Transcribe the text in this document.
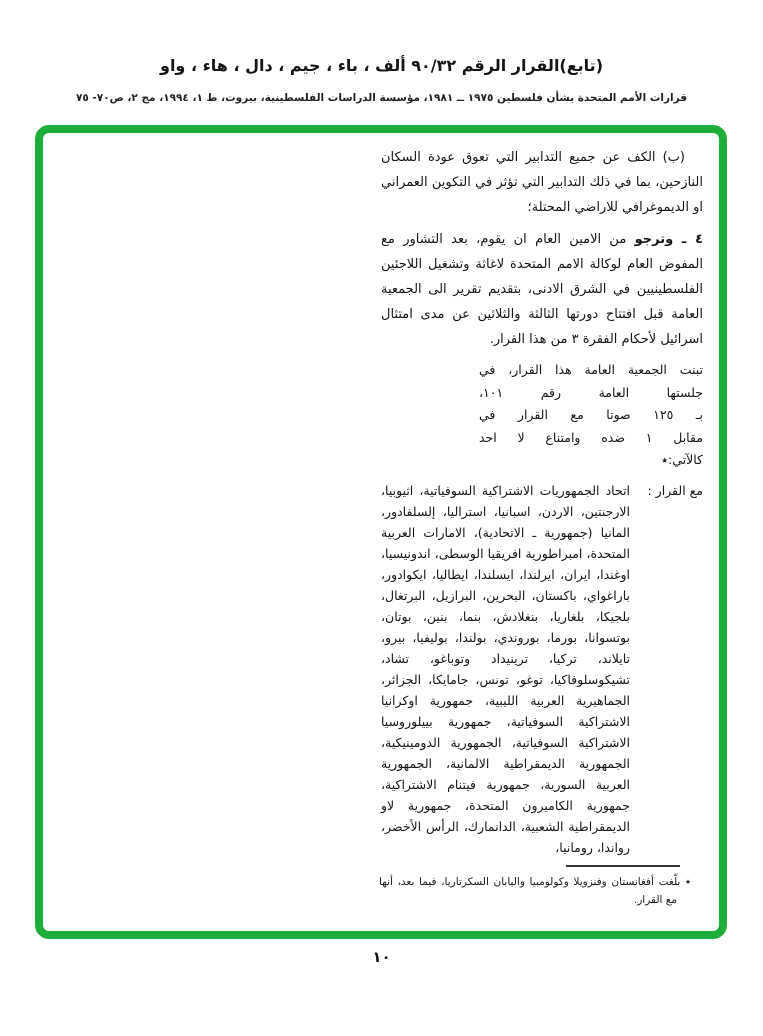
(تابع)القرار الرقم ٩٠/٣٢ ألف ، باء ، جيم ، دال ، هاء ، واو
قرارات الأمم المتحدة بشأن فلسطين ١٩٧٥ ــ ١٩٨١، مؤسسة الدراسات الفلسطينية، بيروت، ط ١، ١٩٩٤، مج ٢، ص٧٠- ٧٥

(ب) الكف عن جميع التدابير التي تعوق عودة السكان النازحين، بما في ذلك التدابير التي تؤثر في التكوين العمراني او الديموغرافي للاراضي المحتلة؛

٤ ـ وترجو من الامين العام ان يقوم، بعد التشاور مع المفوض العام لوكالة الامم المتحدة لاغاثة وتشغيل اللاجئين الفلسطينيين في الشرق الادنى، بتقديم تقرير الى الجمعية العامة قبل افتتاح دورتها الثالثة والثلاثين عن مدى امتثال اسرائيل لأحكام الفقرة ٣ من هذا القرار.

تبنت الجمعية العامة هذا القرار، في
جلستها العامة رقم ١٠١،
بـ ١٢٥ صوتا مع القرار في
مقابل ١ ضده وامتناع لا احد
كالآتي:٭
مع القرار :
اتحاد الجمهوريات الاشتراكية السوفياتية، اثيوبيا، الارجنتين، الاردن، اسبانيا، استراليا، إلسلفادور، المانيا (جمهورية ـ الاتحادية)، الامارات العربية المتحدة، امبراطورية افريقيا الوسطى، اندونيسيا، اوغندا، ايران، ايرلندا، ايسلندا، ايطاليا، ايكوادور، باراغواي، باكستان، البحرين، البرازيل، البرتغال، بلجيكا، بلغاريا، بنغلادش، بنما، بنين، بوتان، بوتسوانا، بورما، بوروندي، بولندا، بوليفيا، بيرو، تايلاند، تركيا، ترينيداد وتوباغو، تشاد، تشيكوسلوفاكيا، توغو، تونس، جامايكا، الجزائر، الجماهيرية العربية الليبية، جمهورية اوكرانيا الاشتراكية السوفياتية، جمهورية بييلوروسيا الاشتراكية السوفياتية، الجمهورية الدومينيكية، الجمهورية الديمقراطية الالمانية، الجمهورية العربية السورية، جمهورية فيتنام الاشتراكية، جمهورية الكاميرون المتحدة، جمهورية لاو الديمقراطية الشعبية، الدانمارك، الرأس الأخضر، رواندا، رومانيا،
٭ بلّغت أفغانستان وفنزويلا وكولومبيا واليابان السكرتاريا، فيما بعد، أنها مع القرار.
١٠
